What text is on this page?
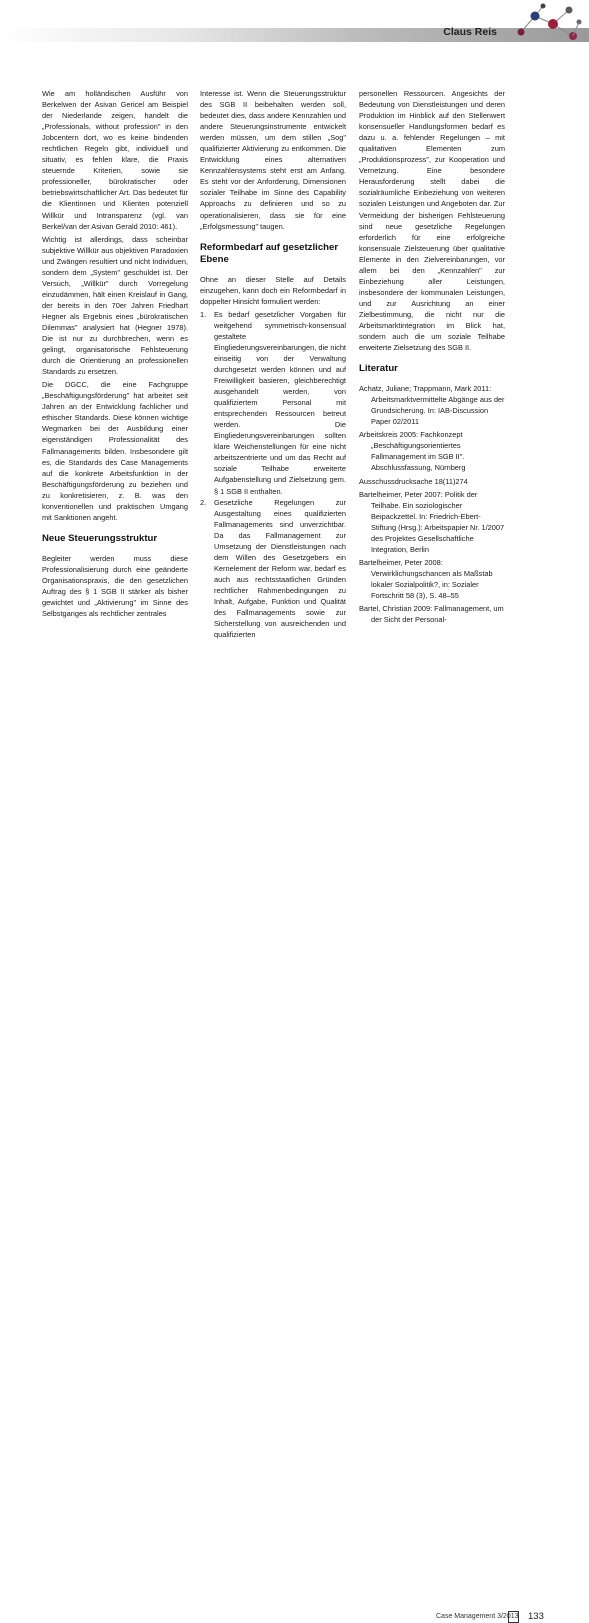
Claus Reis

Wie am holländischen Ausführ von Berkelwen der Asivan Gericel am Beispiel der Niederlande zeigen, handelt die „Professionals, without profession" in den Jobcentern dort, wo es keine bindenden rechtlichen Regeln gibt, individuell und situativ, es fehlen klare, die Praxis steuernde Kriterien, sowie sie professioneller, bürokratischer oder betriebswirtschaftlicher Art. Das bedeutet für die Klientinnen und Klienten potenziell Willkür und Intransparenz (vgl. van Berkel/van der Asivan Gerald 2010: 461).

Wichtig ist allerdings, dass scheinbar subjektive Willkür aus objektiven Paradoxien und Zwängen resultiert und nicht Individuen, sondern dem „System" geschuldet ist. Der Versuch, „Willkür" durch Vorregelung einzudämmen, hält einen Kreislauf in Gang, der bereits in den 70er Jahren Friedhart Hegner als Ergebnis eines „bürokratischen Dilemmas" analysiert hat (Hegner 1978). Die ist nur zu durchbrechen, wenn es gelingt, organisatorische Fehlsteuerung durch die Orientierung an professionellen Standards zu ersetzen.

Die DGCC, die eine Fachgruppe „Beschäftigungsförderung" hat arbeitet seit Jahren an der Entwicklung fachlicher und ethischer Standards. Diese können wichtige Wegmarken bei der Ausbildung einer eigenständigen Professionalität des Fallmanagements bilden. Insbesondere gilt es, die Standards des Case Managements auf die konkrete Arbeitsfunktion in der Beschäftigungsförderung zu beziehen und zu konkretisieren, z. B. was den konventionellen und praktischen Umgang mit Sanktionen angeht.

Neue Steuerungsstruktur

Begleiter werden muss diese Professionalisierung durch eine geänderte Organisationspraxis, die den gesetzlichen Auftrag des § 1 SGB II stärker als bisher gewichtet und „Aktivierung" im Sinne des Selbstganges als rechtlicher zentrales

Interesse ist. Wenn die Steuerungsstruktur des SGB II beibehalten werden soll, bedeutet dies, dass andere Kennzahlen und andere Steuerungsinstrumente entwickelt werden müssen, um dem stillen „Sog" qualifizierter Aktivierung zu entkommen. Die Entwicklung eines alternativen Kennzahlensystems steht erst am Anfang. Es steht vor der Anforderung, Dimensionen sozialer Teilhabe im Sinne des Capability Approachs zu definieren und so zu operationalisieren, dass sie für eine „Erfolgsmessung" taugen.

Reformbedarf auf gesetzlicher Ebene

Ohne an dieser Stelle auf Details einzugehen, kann doch ein Reformbedarf in doppelter Hinsicht formuliert werden:

1.	Es bedarf gesetzlicher Vorgaben für weitgehend symmetrisch-konsensual gestaltete Eingliederungsvereinbarungen, die nicht einseitig von der Verwaltung durchgesetzt werden können und auf Freiwilligkeit basieren, gleichberechtigt ausgehandelt werden, von qualifiziertem Personal mit entsprechenden Ressourcen betreut werden. Die Eingliederungsvereinbarungen sollten klare Weichenstellungen für eine nicht arbeitszentrierte und um das Recht auf soziale Teilhabe erweiterte Aufgabenstellung und Zielsetzung gem. § 1 SGB II enthalten.
2.	Gesetzliche Regelungen zur Ausgestaltung eines qualifizierten Fallmanagements sind unverzichtbar. Da das Fallmanagement zur Umsetzung der Dienstleistungen nach dem Willen des Gesetzgebers ein Kernelement der Reform war, bedarf es auch aus rechtsstaatlichen Gründen rechtlicher Rahmenbedingungen zu Inhalt, Aufgabe, Funktion und Qualität des Fallmanagements sowie zur Sicherstellung von ausreichenden und qualifizierten

personellen Ressourcen. Angesichts der Bedeutung von Dienstleistungen und deren Produktion im Hinblick auf den Stellenwert konsensueller Handlungsformen bedarf es dazu u. a. fehlender Regelungen – mit qualitativen Elementen zum „Produktionsprozess", zur Kooperation und Vernetzung. Eine besondere Herausforderung stellt dabei die sozialräumliche Einbeziehung von weiteren sozialen Leistungen und Angeboten dar. Zur Vermeidung der bisherigen Fehlsteuerung sind neue gesetzliche Regelungen erforderlich für eine erfolgreiche konsensuale Zielsteuerung über qualitative Elemente in den Zielvereinbarungen, vor allem bei den „Kennzahlen" zur Einbeziehung aller Leistungen, insbesondere der kommunalen Leistungen, und zur Ausrichtung an einer Zielbestimmung, die nicht nur die Arbeitsmarktintegration im Blick hat, sondern auch die um soziale Teilhabe erweiterte Zielsetzung des SGB II.

Literatur

Achatz, Juliane; Trappmann, Mark 2011: Arbeitsmarktvermittelte Abgänge aus der Grundsicherung. In: IAB-Discussion Paper 02/2011

Arbeitskreis 2005: Fachkonzept „Beschäftigungsorientiertes Fallmanagement im SGB II". Abschlussfassung, Nürnberg

Ausschussdrucksache 18(11)274

Bartelheimer, Peter 2007: Politik der Teilhabe. Ein soziologischer Beipackzettel. In: Friedrich-Ebert-Stiftung (Hrsg.): Arbeitspapier Nr. 1/2007 des Projektes Gesellschaftliche Integration, Berlin

Bartelheimer, Peter 2008: Verwirklichungschancen als Maßstab lokaler Sozialpolitik?, in: Sozialer Fortschritt 58 (3), S. 48–55

Bartel, Christian 2009: Fallmanagement, um der Sicht der Personal-

Case Management 3/2013 133
